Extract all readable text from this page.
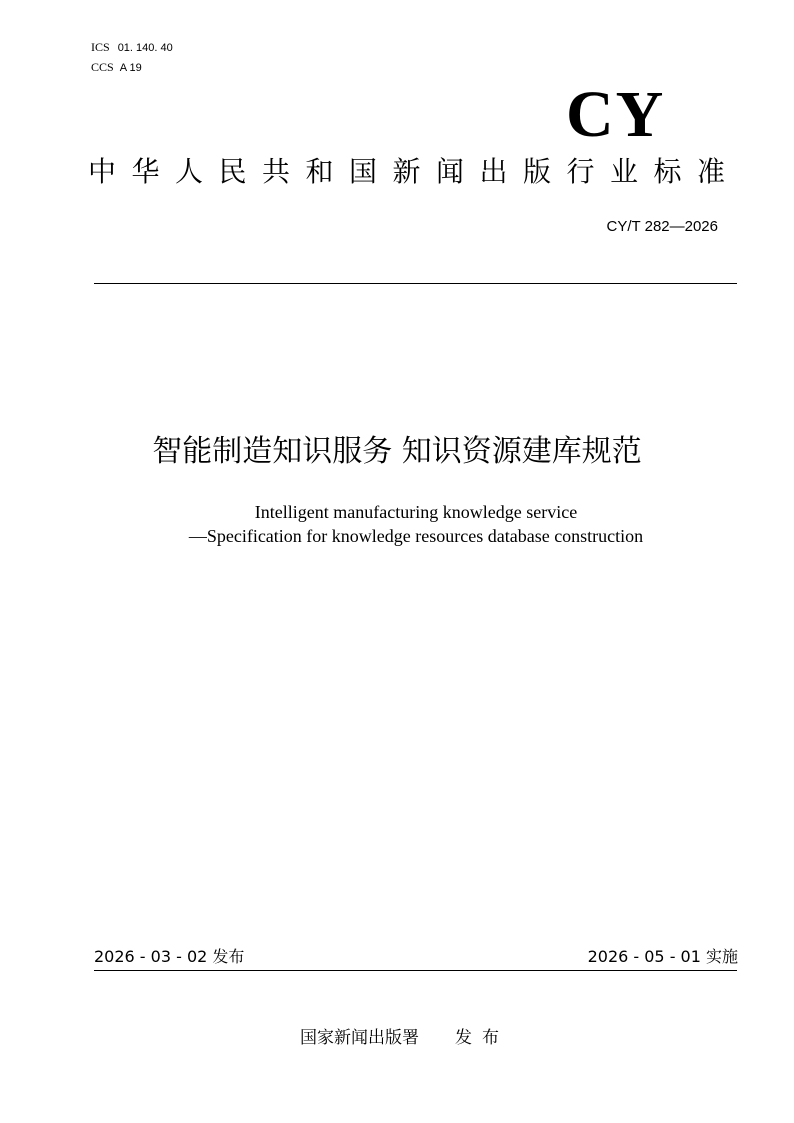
ICS 01. 140. 40
CCS A 19
CY
中华人民共和国新闻出版行业标准
CY/T 282—2026
智能制造知识服务 知识资源建库规范
Intelligent manufacturing knowledge service
—Specification for knowledge resources database construction
2026 - 03 - 02 发布	2026 - 05 - 01 实施
国家新闻出版署 发布
